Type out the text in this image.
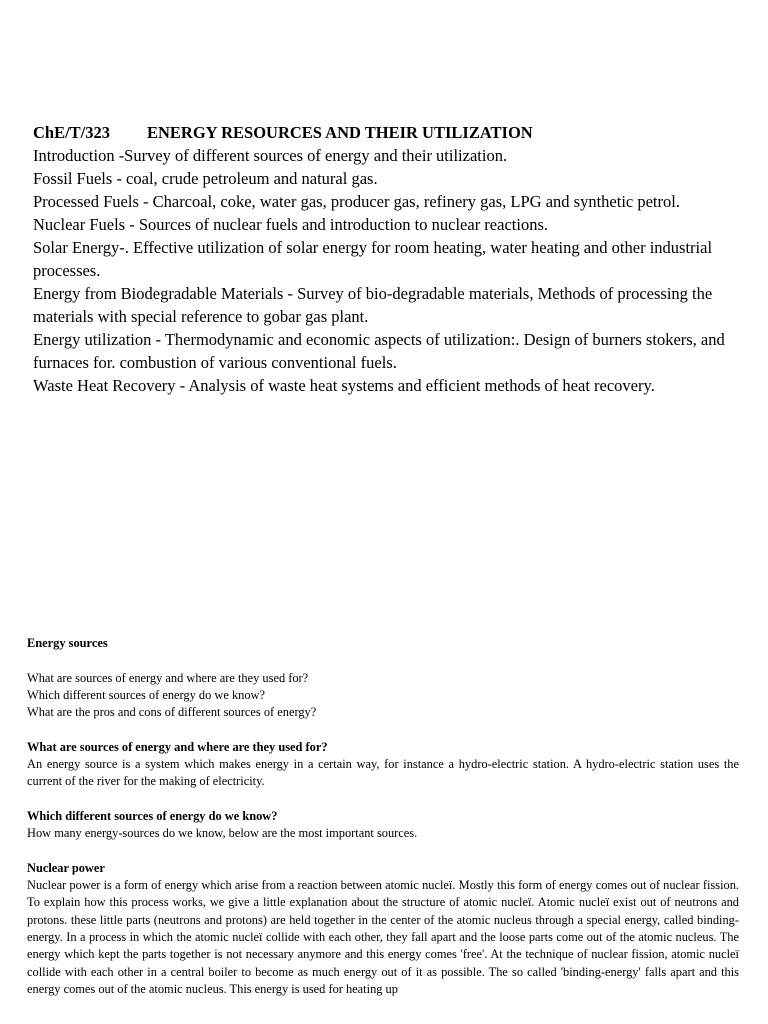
ChE/T/323 ENERGY RESOURCES AND THEIR UTILIZATION

Introduction -Survey of different sources of energy and their utilization.

Fossil Fuels - coal, crude petroleum and natural gas.

Processed Fuels - Charcoal, coke, water gas, producer gas, refinery gas, LPG and synthetic petrol.

Nuclear Fuels - Sources of nuclear fuels and introduction to nuclear reactions.

Solar Energy-. Effective utilization of solar energy for room heating, water heating and other industrial processes.

Energy from Biodegradable Materials - Survey of bio-degradable materials, Methods of processing the materials with special reference to gobar gas plant.

Energy utilization - Thermodynamic and economic aspects of utilization:. Design of burners stokers, and furnaces for. combustion of various conventional fuels.

Waste Heat Recovery - Analysis of waste heat systems and efficient methods of heat recovery.

Energy sources

What are sources of energy and where are they used for?

Which different sources of energy do we know?

What are the pros and cons of different sources of energy?

What are sources of energy and where are they used for?

An energy source is a system which makes energy in a certain way, for instance a hydro-electric station. A hydro-electric station uses the current of the river for the making of electricity.

Which different sources of energy do we know?

How many energy-sources do we know, below are the most important sources.

Nuclear power

Nuclear power is a form of energy which arise from a reaction between atomic nucleï. Mostly this form of energy comes out of nuclear fission. To explain how this process works, we give a little explanation about the structure of atomic nucleï. Atomic nucleï exist out of neutrons and protons. these little parts (neutrons and protons) are held together in the center of the atomic nucleus through a special energy, called binding-energy. In a process in which the atomic nucleï collide with each other, they fall apart and the loose parts come out of the atomic nucleus. The energy which kept the parts together is not necessary anymore and this energy comes 'free'. At the technique of nuclear fission, atomic nucleï collide with each other in a central boiler to become as much energy out of it as possible. The so called 'binding-energy' falls apart and this energy comes out of the atomic nucleus. This energy is used for heating up
